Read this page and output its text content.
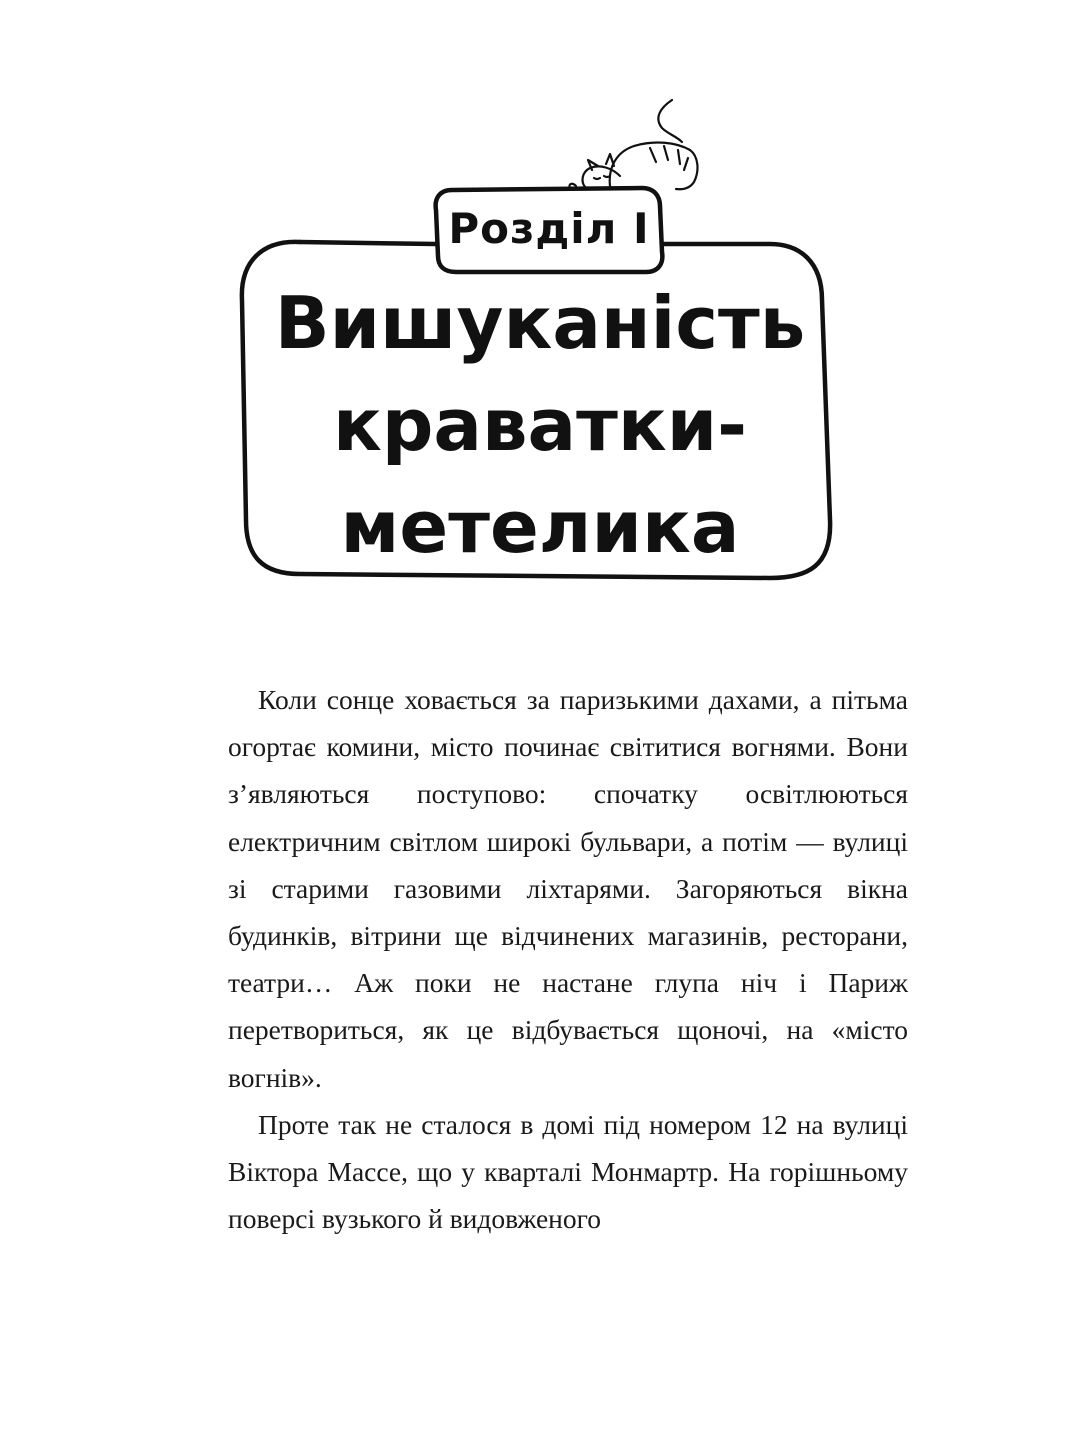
Розділ I
Вишуканість
краватки-
метелика

Коли сонце ховається за паризькими дахами, а пітьма огортає комини, місто починає світитися вогнями. Вони з’являються поступово: спочатку освітлюються електричним світлом широкі бульвари, а потім — вулиці зі старими газовими ліхтарями. Загоряються вікна будинків, вітрини ще відчинених магазинів, ресторани, театри… Аж поки не настане глупа ніч і Париж перетвориться, як це відбувається щоночі, на «місто вогнів».

Проте так не сталося в домі під номером 12 на вулиці Віктора Массе, що у кварталі Монмартр. На горішньому поверсі вузького й видовженого
